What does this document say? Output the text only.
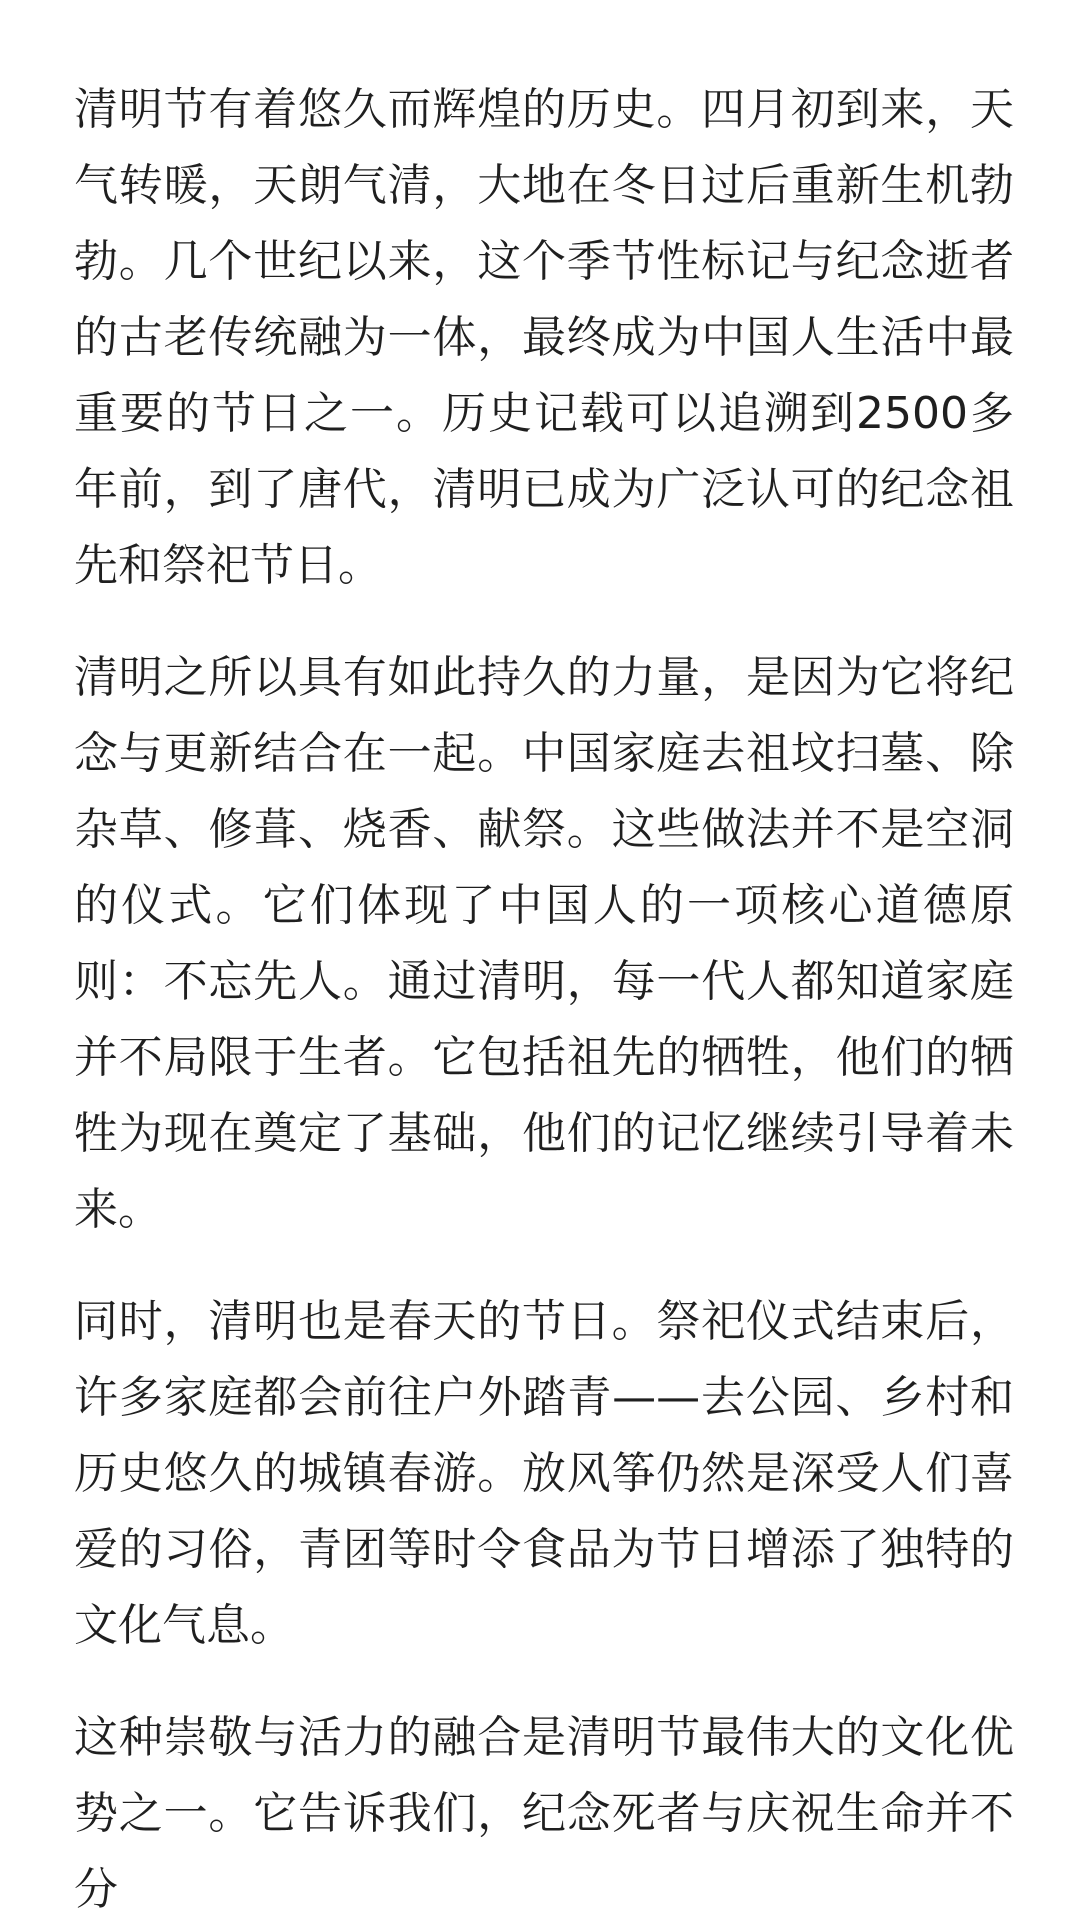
清明节有着悠久而辉煌的历史。四月初到来，天气转暖，天朗气清，大地在冬日过后重新生机勃勃。几个世纪以来，这个季节性标记与纪念逝者的古老传统融为一体，最终成为中国人生活中最重要的节日之一。历史记载可以追溯到2500多年前，到了唐代，清明已成为广泛认可的纪念祖先和祭祀节日。

清明之所以具有如此持久的力量，是因为它将纪念与更新结合在一起。中国家庭去祖坟扫墓、除杂草、修葺、烧香、献祭。这些做法并不是空洞的仪式。它们体现了中国人的一项核心道德原则：不忘先人。通过清明，每一代人都知道家庭并不局限于生者。它包括祖先的牺牲，他们的牺牲为现在奠定了基础，他们的记忆继续引导着未来。

同时，清明也是春天的节日。祭祀仪式结束后，许多家庭都会前往户外踏青——去公园、乡村和历史悠久的城镇春游。放风筝仍然是深受人们喜爱的习俗，青团等时令食品为节日增添了独特的文化气息。

这种崇敬与活力的融合是清明节最伟大的文化优势之一。它告诉我们，纪念死者与庆祝生命并不分
